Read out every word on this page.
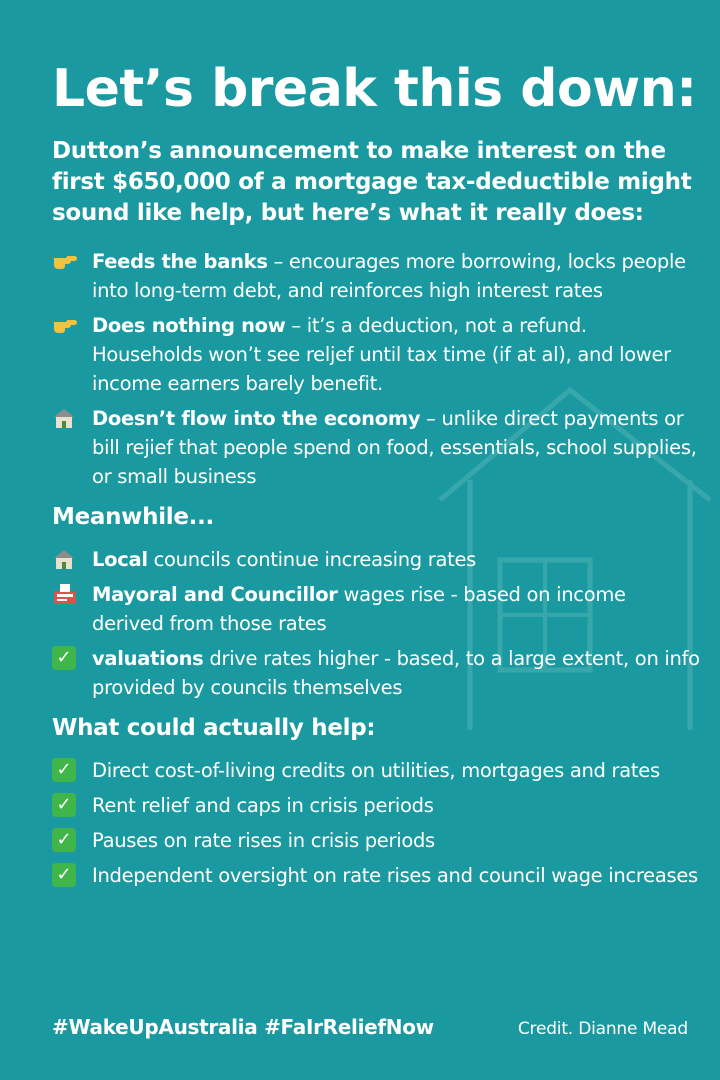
Let’s break this down:

Dutton’s announcement to make interest on the first $650,000 of a mortgage tax-deductible might sound like help, but here’s what it really does:

Feeds the banks – encourages more borrowing, locks people into long-term debt, and reinforces high interest rates
Does nothing now – it’s a deduction, not a refund. Households won’t see reljef until tax time (if at al), and lower income earners barely benefit.
Doesn’t flow into the economy – unlike direct payments or bill rejief that people spend on food, essentials, school supplies, or small business
Meanwhile...
Local councils continue increasing rates
Mayoral and Councillor wages rise - based on income derived from those rates
✓ valuations drive rates higher - based, to a large extent, on info provided by councils themselves
What could actually help:
✓ Direct cost-of-living credits on utilities, mortgages and rates
✓ Rent relief and caps in crisis periods
✓ Pauses on rate rises in crisis periods
✓ Independent oversight on rate rises and council wage increases
#WakeUpAustralia #FaIrReliefNow	Credit. Dianne Mead
